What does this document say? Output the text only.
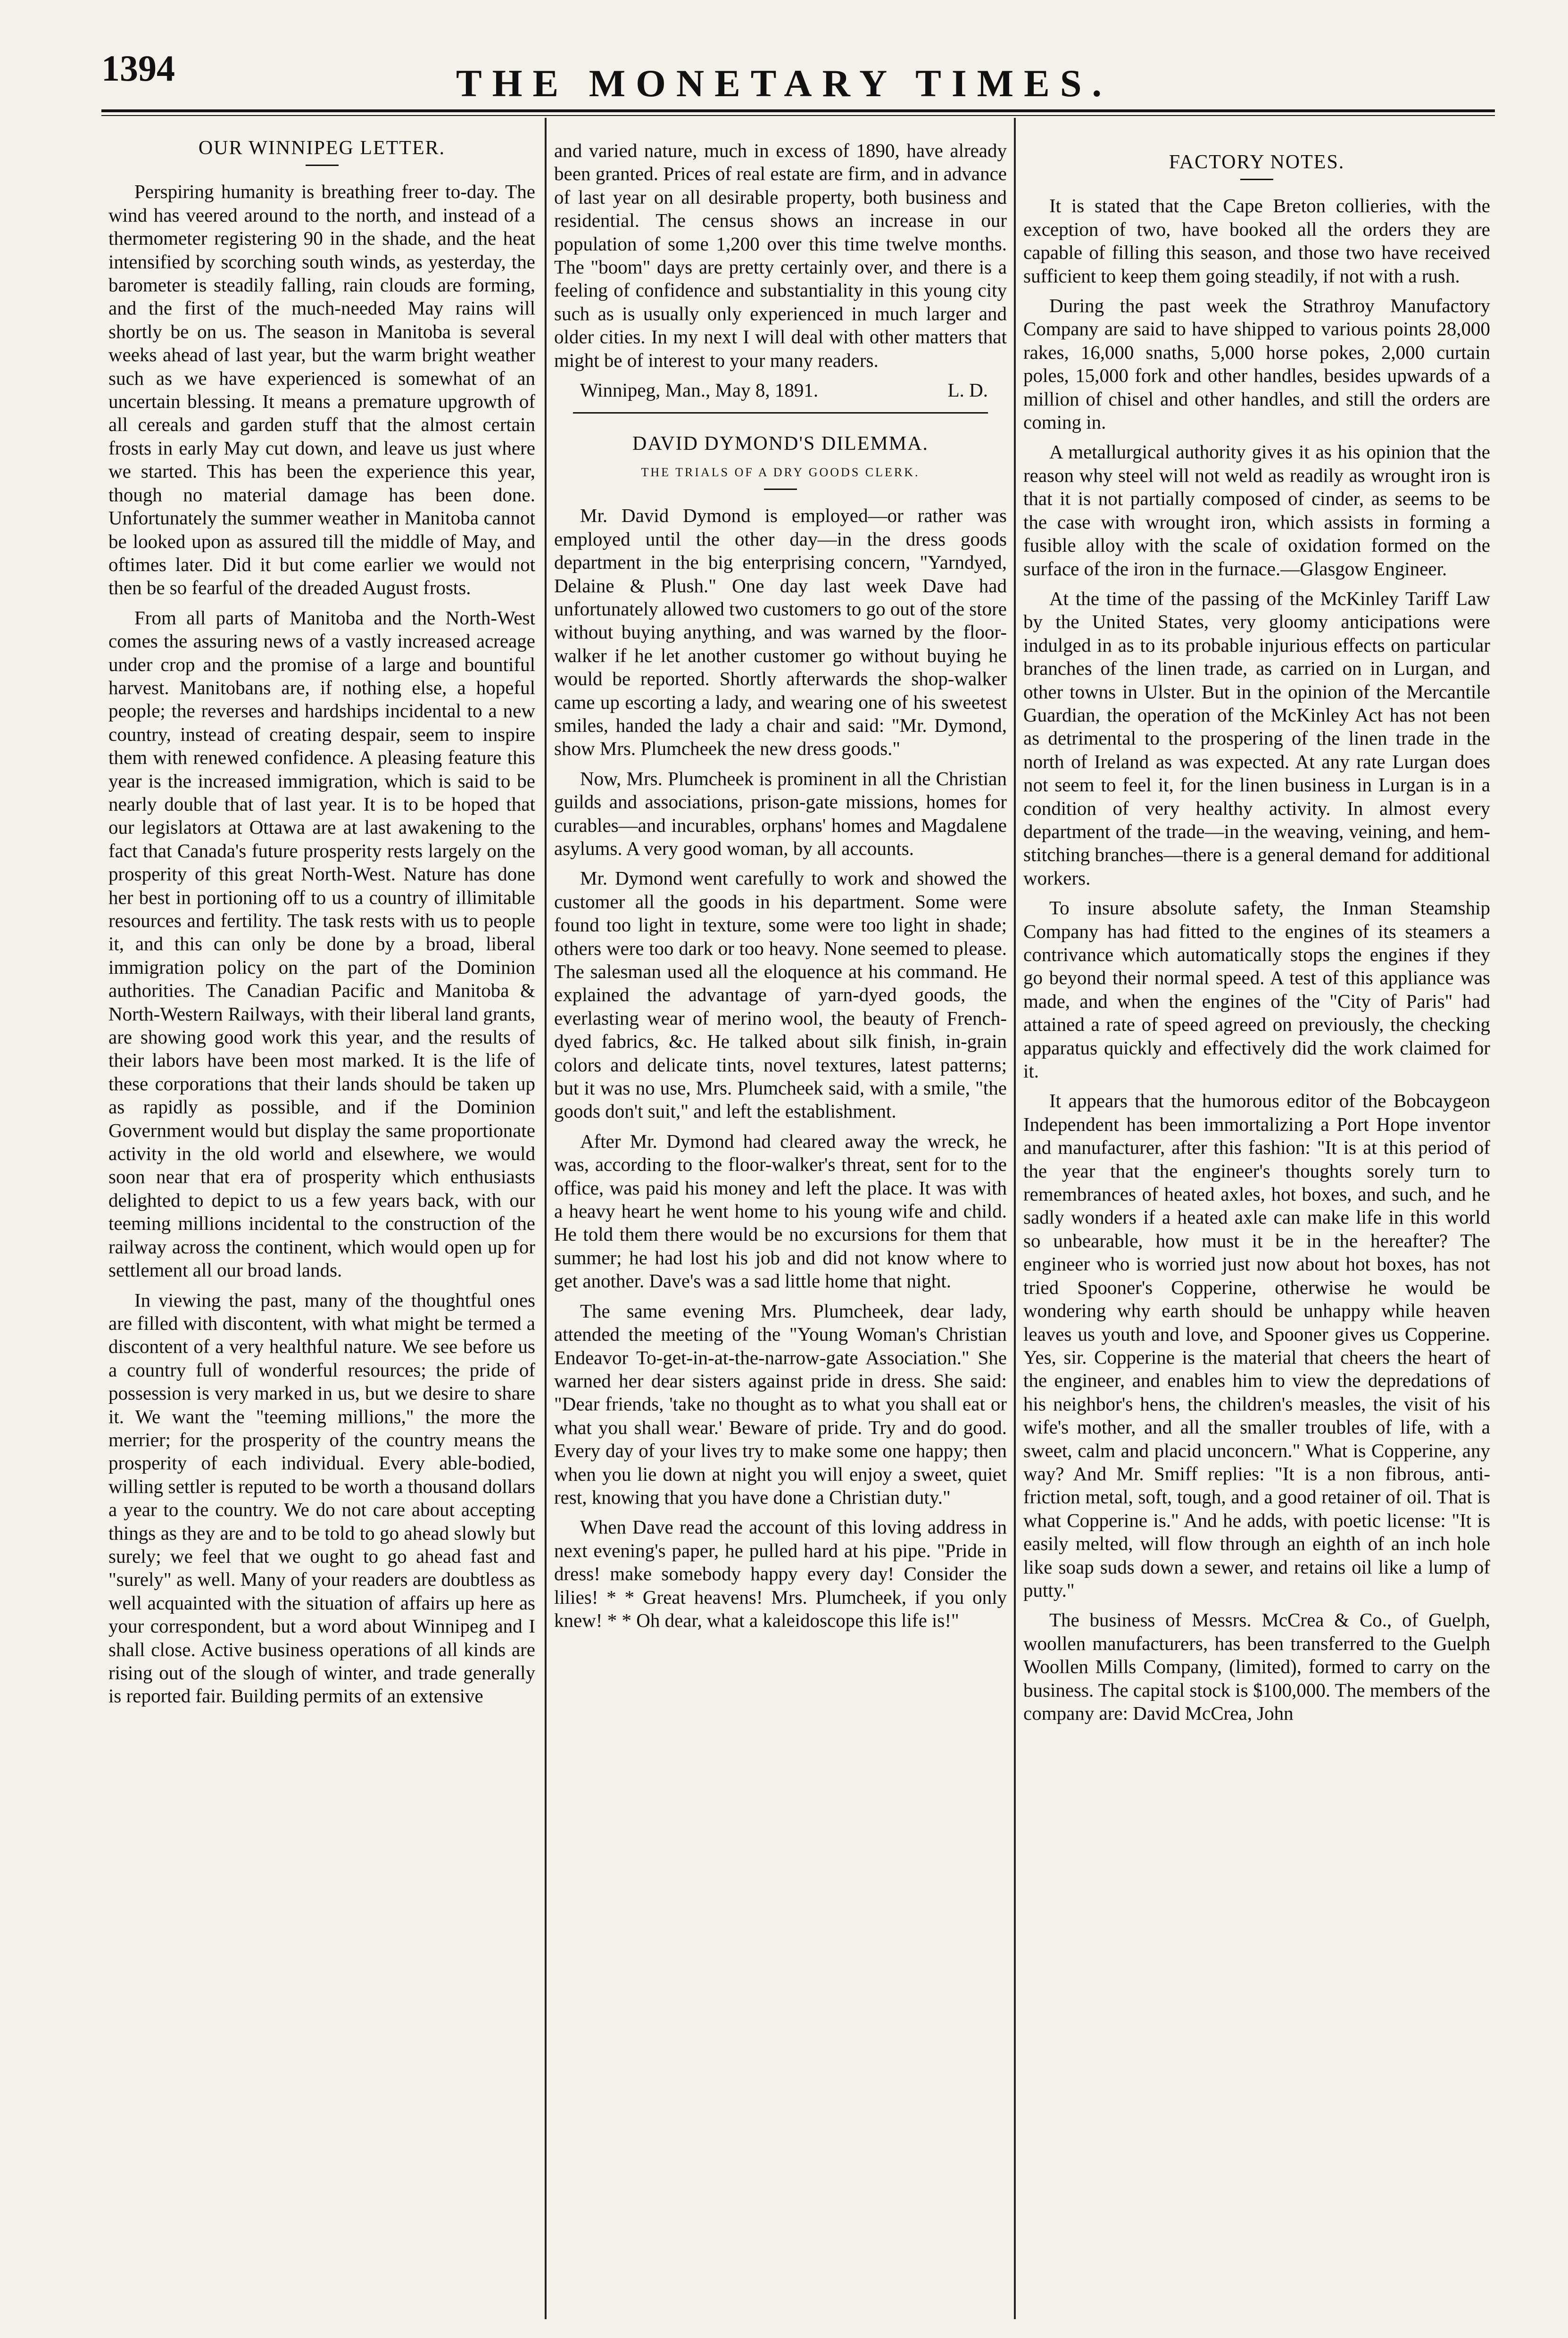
1394	THE MONETARY TIMES.
OUR WINNIPEG LETTER.

Perspiring humanity is breathing freer to-day. The wind has veered around to the north, and instead of a thermometer registering 90 in the shade, and the heat intensified by scorching south winds, as yesterday, the barometer is steadily falling, rain clouds are forming, and the first of the much-needed May rains will shortly be on us. The season in Manitoba is several weeks ahead of last year, but the warm bright weather such as we have experienced is somewhat of an uncertain blessing. It means a premature upgrowth of all cereals and garden stuff that the almost certain frosts in early May cut down, and leave us just where we started. This has been the experience this year, though no material damage has been done. Unfortunately the summer weather in Manitoba cannot be looked upon as assured till the middle of May, and oftimes later. Did it but come earlier we would not then be so fearful of the dreaded August frosts.

From all parts of Manitoba and the North-West comes the assuring news of a vastly increased acreage under crop and the promise of a large and bountiful harvest. Manitobans are, if nothing else, a hopeful people; the reverses and hardships incidental to a new country, instead of creating despair, seem to inspire them with renewed confidence. A pleasing feature this year is the increased immigration, which is said to be nearly double that of last year. It is to be hoped that our legislators at Ottawa are at last awakening to the fact that Canada's future prosperity rests largely on the prosperity of this great North-West. Nature has done her best in portioning off to us a country of illimitable resources and fertility. The task rests with us to people it, and this can only be done by a broad, liberal immigration policy on the part of the Dominion authorities. The Canadian Pacific and Manitoba & North-Western Railways, with their liberal land grants, are showing good work this year, and the results of their labors have been most marked. It is the life of these corporations that their lands should be taken up as rapidly as possible, and if the Dominion Government would but display the same proportionate activity in the old world and elsewhere, we would soon near that era of prosperity which enthusiasts delighted to depict to us a few years back, with our teeming millions incidental to the construction of the railway across the continent, which would open up for settlement all our broad lands.

In viewing the past, many of the thoughtful ones are filled with discontent, with what might be termed a discontent of a very healthful nature. We see before us a country full of wonderful resources; the pride of possession is very marked in us, but we desire to share it. We want the "teeming millions," the more the merrier; for the prosperity of the country means the prosperity of each individual. Every able-bodied, willing settler is reputed to be worth a thousand dollars a year to the country. We do not care about accepting things as they are and to be told to go ahead slowly but surely; we feel that we ought to go ahead fast and "surely" as well. Many of your readers are doubtless as well acquainted with the situation of affairs up here as your correspondent, but a word about Winnipeg and I shall close. Active business operations of all kinds are rising out of the slough of winter, and trade generally is reported fair. Building permits of an extensive

and varied nature, much in excess of 1890, have already been granted. Prices of real estate are firm, and in advance of last year on all desirable property, both business and residential. The census shows an increase in our population of some 1,200 over this time twelve months. The "boom" days are pretty certainly over, and there is a feeling of confidence and substantiality in this young city such as is usually only experienced in much larger and older cities. In my next I will deal with other matters that might be of interest to your many readers.

Winnipeg, Man., May 8, 1891.	L. D.
DAVID DYMOND'S DILEMMA.
THE TRIALS OF A DRY GOODS CLERK.

Mr. David Dymond is employed—or rather was employed until the other day—in the dress goods department in the big enterprising concern, "Yarndyed, Delaine & Plush." One day last week Dave had unfortunately allowed two customers to go out of the store without buying anything, and was warned by the floor-walker if he let another customer go without buying he would be reported. Shortly afterwards the shop-walker came up escorting a lady, and wearing one of his sweetest smiles, handed the lady a chair and said: "Mr. Dymond, show Mrs. Plumcheek the new dress goods."

Now, Mrs. Plumcheek is prominent in all the Christian guilds and associations, prison-gate missions, homes for curables—and incurables, orphans' homes and Magdalene asylums. A very good woman, by all accounts.

Mr. Dymond went carefully to work and showed the customer all the goods in his department. Some were found too light in texture, some were too light in shade; others were too dark or too heavy. None seemed to please. The salesman used all the eloquence at his command. He explained the advantage of yarn-dyed goods, the everlasting wear of merino wool, the beauty of French-dyed fabrics, &c. He talked about silk finish, in-grain colors and delicate tints, novel textures, latest patterns; but it was no use, Mrs. Plumcheek said, with a smile, "the goods don't suit," and left the establishment.

After Mr. Dymond had cleared away the wreck, he was, according to the floor-walker's threat, sent for to the office, was paid his money and left the place. It was with a heavy heart he went home to his young wife and child. He told them there would be no excursions for them that summer; he had lost his job and did not know where to get another. Dave's was a sad little home that night.

The same evening Mrs. Plumcheek, dear lady, attended the meeting of the "Young Woman's Christian Endeavor To-get-in-at-the-narrow-gate Association." She warned her dear sisters against pride in dress. She said: "Dear friends, 'take no thought as to what you shall eat or what you shall wear.' Beware of pride. Try and do good. Every day of your lives try to make some one happy; then when you lie down at night you will enjoy a sweet, quiet rest, knowing that you have done a Christian duty."

When Dave read the account of this loving address in next evening's paper, he pulled hard at his pipe. "Pride in dress! make somebody happy every day! Consider the lilies! * * Great heavens! Mrs. Plumcheek, if you only knew! * * Oh dear, what a kaleidoscope this life is!"

FACTORY NOTES.

It is stated that the Cape Breton collieries, with the exception of two, have booked all the orders they are capable of filling this season, and those two have received sufficient to keep them going steadily, if not with a rush.

During the past week the Strathroy Manufactory Company are said to have shipped to various points 28,000 rakes, 16,000 snaths, 5,000 horse pokes, 2,000 curtain poles, 15,000 fork and other handles, besides upwards of a million of chisel and other handles, and still the orders are coming in.

A metallurgical authority gives it as his opinion that the reason why steel will not weld as readily as wrought iron is that it is not partially composed of cinder, as seems to be the case with wrought iron, which assists in forming a fusible alloy with the scale of oxidation formed on the surface of the iron in the furnace.—Glasgow Engineer.

At the time of the passing of the McKinley Tariff Law by the United States, very gloomy anticipations were indulged in as to its probable injurious effects on particular branches of the linen trade, as carried on in Lurgan, and other towns in Ulster. But in the opinion of the Mercantile Guardian, the operation of the McKinley Act has not been as detrimental to the prospering of the linen trade in the north of Ireland as was expected. At any rate Lurgan does not seem to feel it, for the linen business in Lurgan is in a condition of very healthy activity. In almost every department of the trade—in the weaving, veining, and hem-stitching branches—there is a general demand for additional workers.

To insure absolute safety, the Inman Steamship Company has had fitted to the engines of its steamers a contrivance which automatically stops the engines if they go beyond their normal speed. A test of this appliance was made, and when the engines of the "City of Paris" had attained a rate of speed agreed on previously, the checking apparatus quickly and effectively did the work claimed for it.

It appears that the humorous editor of the Bobcaygeon Independent has been immortalizing a Port Hope inventor and manufacturer, after this fashion: "It is at this period of the year that the engineer's thoughts sorely turn to remembrances of heated axles, hot boxes, and such, and he sadly wonders if a heated axle can make life in this world so unbearable, how must it be in the hereafter? The engineer who is worried just now about hot boxes, has not tried Spooner's Copperine, otherwise he would be wondering why earth should be unhappy while heaven leaves us youth and love, and Spooner gives us Copperine. Yes, sir. Copperine is the material that cheers the heart of the engineer, and enables him to view the depredations of his neighbor's hens, the children's measles, the visit of his wife's mother, and all the smaller troubles of life, with a sweet, calm and placid unconcern." What is Copperine, any way? And Mr. Smiff replies: "It is a non fibrous, anti-friction metal, soft, tough, and a good retainer of oil. That is what Copperine is." And he adds, with poetic license: "It is easily melted, will flow through an eighth of an inch hole like soap suds down a sewer, and retains oil like a lump of putty."

The business of Messrs. McCrea & Co., of Guelph, woollen manufacturers, has been transferred to the Guelph Woollen Mills Company, (limited), formed to carry on the business. The capital stock is $100,000. The members of the company are: David McCrea, John
